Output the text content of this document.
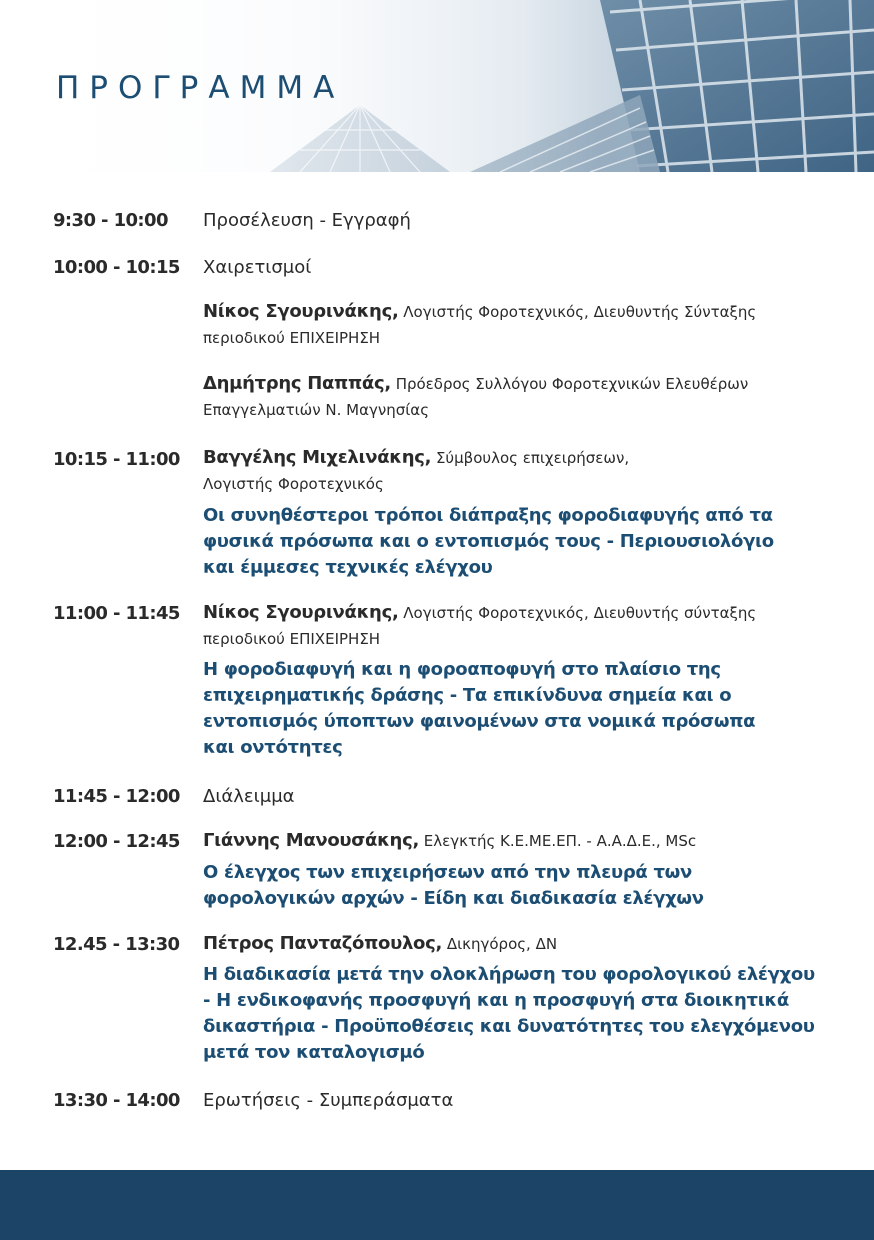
ΠΡΟΓΡΑΜΜΑ
9:30 - 10:00 Προσέλευση - Εγγραφή
10:00 - 10:15 Χαιρετισμοί
Νίκος Σγουρινάκης, Λογιστής Φοροτεχνικός, Διευθυντής Σύνταξης
περιοδικού ΕΠΙΧΕΙΡΗΣΗ
Δημήτρης Παππάς, Πρόεδρος Συλλόγου Φοροτεχνικών Ελευθέρων
Επαγγελματιών Ν. Μαγνησίας
10:15 - 11:00 Βαγγέλης Μιχελινάκης, Σύμβουλος επιχειρήσεων,
Λογιστής Φοροτεχνικός
Οι συνηθέστεροι τρόποι διάπραξης φοροδιαφυγής από τα
φυσικά πρόσωπα και ο εντοπισμός τους - Περιουσιολόγιο
και έμμεσες τεχνικές ελέγχου
11:00 - 11:45 Νίκος Σγουρινάκης, Λογιστής Φοροτεχνικός, Διευθυντής σύνταξης
περιοδικού ΕΠΙΧΕΙΡΗΣΗ
Η φοροδιαφυγή και η φοροαποφυγή στο πλαίσιο της
επιχειρηματικής δράσης - Τα επικίνδυνα σημεία και ο
εντοπισμός ύποπτων φαινομένων στα νομικά πρόσωπα
και οντότητες
11:45 - 12:00 Διάλειμμα
12:00 - 12:45 Γιάννης Μανουσάκης, Ελεγκτής Κ.Ε.ΜΕ.ΕΠ. - Α.Α.Δ.Ε., MSc
Ο έλεγχος των επιχειρήσεων από την πλευρά των
φορολογικών αρχών - Είδη και διαδικασία ελέγχων
12.45 - 13:30 Πέτρος Πανταζόπουλος, Δικηγόρος, ΔΝ
Η διαδικασία μετά την ολοκλήρωση του φορολογικού ελέγχου
- Η ενδικοφανής προσφυγή και η προσφυγή στα διοικητικά
δικαστήρια - Προϋποθέσεις και δυνατότητες του ελεγχόμενου
μετά τον καταλογισμό
13:30 - 14:00 Ερωτήσεις - Συμπεράσματα
